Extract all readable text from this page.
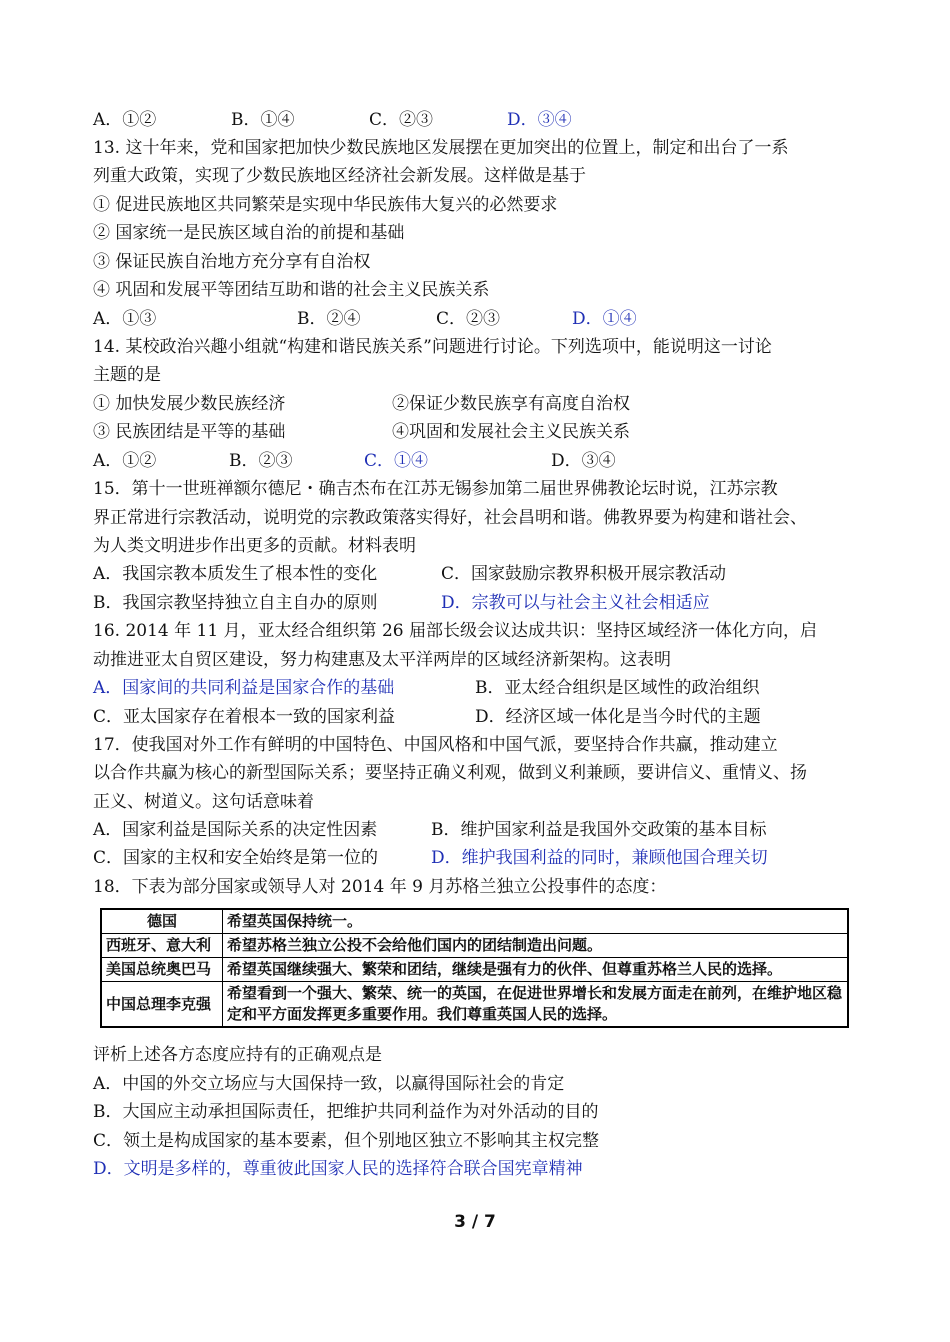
A．①②	B．①④	C．②③	D．③④
13. 这十年来，党和国家把加快少数民族地区发展摆在更加突出的位置上，制定和出台了一系
列重大政策，实现了少数民族地区经济社会新发展。这样做是基于
① 促进民族地区共同繁荣是实现中华民族伟大复兴的必然要求
② 国家统一是民族区域自治的前提和基础
③ 保证民族自治地方充分享有自治权
④ 巩固和发展平等团结互助和谐的社会主义民族关系
A．①③	B．②④	C．②③	D．①④
14. 某校政治兴趣小组就“构建和谐民族关系”问题进行讨论。下列选项中，能说明这一讨论
主题的是
① 加快发展少数民族经济	②保证少数民族享有高度自治权
③ 民族团结是平等的基础	④巩固和发展社会主义民族关系
A．①②	B．②③	C．①④	D．③④
15．第十一世班禅额尔德尼・确吉杰布在江苏无锡参加第二届世界佛教论坛时说，江苏宗教
界正常进行宗教活动，说明党的宗教政策落实得好，社会昌明和谐。佛教界要为构建和谐社会、
为人类文明进步作出更多的贡献。材料表明
A．我国宗教本质发生了根本性的变化	C．国家鼓励宗教界积极开展宗教活动
B．我国宗教坚持独立自主自办的原则	D．宗教可以与社会主义社会相适应
16. 2014 年 11 月，亚太经合组织第 26 届部长级会议达成共识：坚持区域经济一体化方向，启
动推进亚太自贸区建设，努力构建惠及太平洋两岸的区域经济新架构。这表明
A．国家间的共同利益是国家合作的基础	B．亚太经合组织是区域性的政治组织
C．亚太国家存在着根本一致的国家利益	D．经济区域一体化是当今时代的主题
17．使我国对外工作有鲜明的中国特色、中国风格和中国气派，要坚持合作共赢，推动建立
以合作共赢为核心的新型国际关系；要坚持正确义利观，做到义利兼顾，要讲信义、重情义、扬
正义、树道义。这句话意味着
A．国家利益是国际关系的决定性因素	B．维护国家利益是我国外交政策的基本目标
C．国家的主权和安全始终是第一位的	D．维护我国利益的同时，兼顾他国合理关切
18．下表为部分国家或领导人对 2014 年 9 月苏格兰独立公投事件的态度：
德国	希望英国保持统一。
西班牙、意大利	希望苏格兰独立公投不会给他们国内的团结制造出问题。
美国总统奥巴马	希望英国继续强大、繁荣和团结，继续是强有力的伙伴、但尊重苏格兰人民的选择。
中国总理李克强	希望看到一个强大、繁荣、统一的英国，在促进世界增长和发展方面走在前列，在维护地区稳定和平方面发挥更多重要作用。我们尊重英国人民的选择。
评析上述各方态度应持有的正确观点是
A．中国的外交立场应与大国保持一致，以赢得国际社会的肯定
B．大国应主动承担国际责任，把维护共同利益作为对外活动的目的
C．领土是构成国家的基本要素，但个别地区独立不影响其主权完整
D．文明是多样的，尊重彼此国家人民的选择符合联合国宪章精神
3 / 7
